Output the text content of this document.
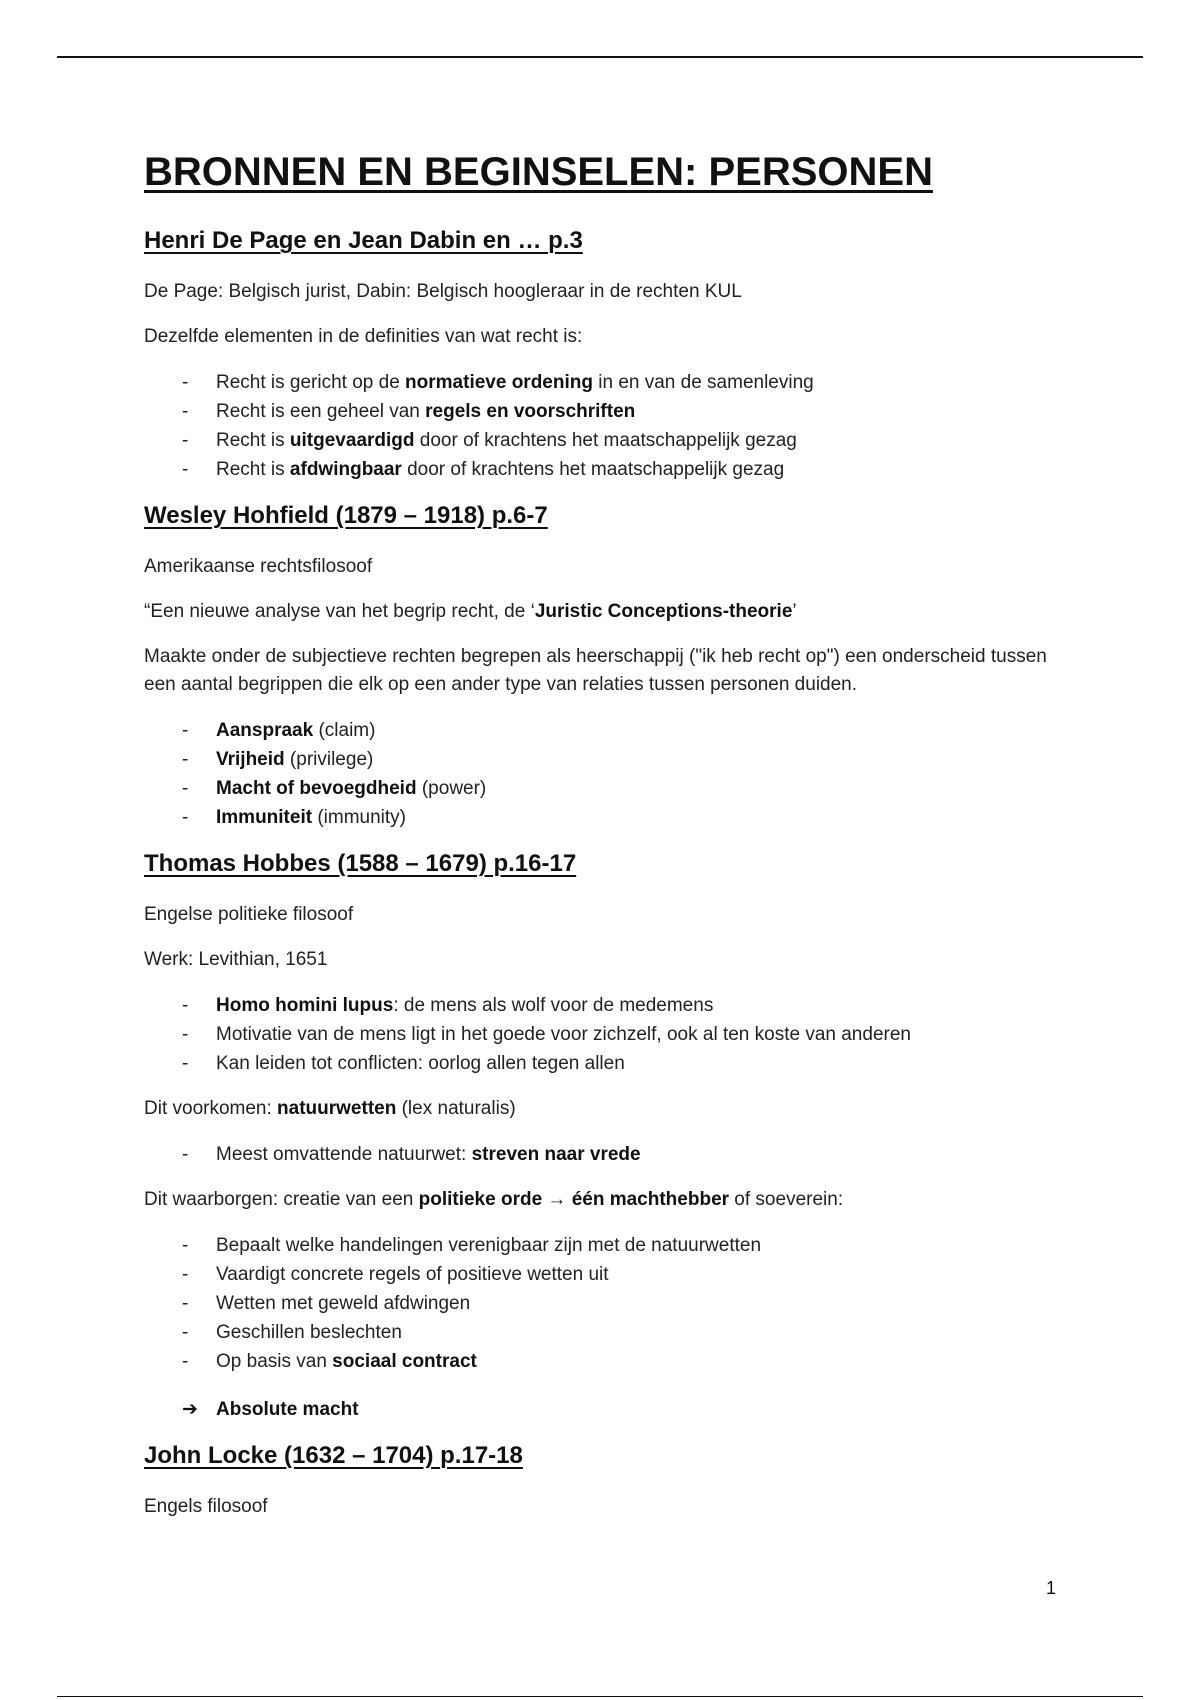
BRONNEN EN BEGINSELEN: PERSONEN
Henri De Page en Jean Dabin en … p.3

De Page: Belgisch jurist, Dabin: Belgisch hoogleraar in de rechten KUL

Dezelfde elementen in de definities van wat recht is:

-	Recht is gericht op de normatieve ordening in en van de samenleving
-	Recht is een geheel van regels en voorschriften
-	Recht is uitgevaardigd door of krachtens het maatschappelijk gezag
-	Recht is afdwingbaar door of krachtens het maatschappelijk gezag
Wesley Hohfield (1879 – 1918) p.6-7

Amerikaanse rechtsfilosoof

“Een nieuwe analyse van het begrip recht, de ‘Juristic Conceptions-theorie’

Maakte onder de subjectieve rechten begrepen als heerschappij ("ik heb recht op") een onderscheid tussen een aantal begrippen die elk op een ander type van relaties tussen personen duiden.

-	Aanspraak (claim)
-	Vrijheid (privilege)
-	Macht of bevoegdheid (power)
-	Immuniteit (immunity)
Thomas Hobbes (1588 – 1679) p.16-17

Engelse politieke filosoof

Werk: Levithian, 1651

-	Homo homini lupus: de mens als wolf voor de medemens
-	Motivatie van de mens ligt in het goede voor zichzelf, ook al ten koste van anderen
-	Kan leiden tot conflicten: oorlog allen tegen allen

Dit voorkomen: natuurwetten (lex naturalis)

-	Meest omvattende natuurwet: streven naar vrede

Dit waarborgen: creatie van een politieke orde → één machthebber of soeverein:

-	Bepaalt welke handelingen verenigbaar zijn met de natuurwetten
-	Vaardigt concrete regels of positieve wetten uit
-	Wetten met geweld afdwingen
-	Geschillen beslechten
-	Op basis van sociaal contract
➔ Absolute macht
John Locke (1632 – 1704) p.17-18

Engels filosoof

1
